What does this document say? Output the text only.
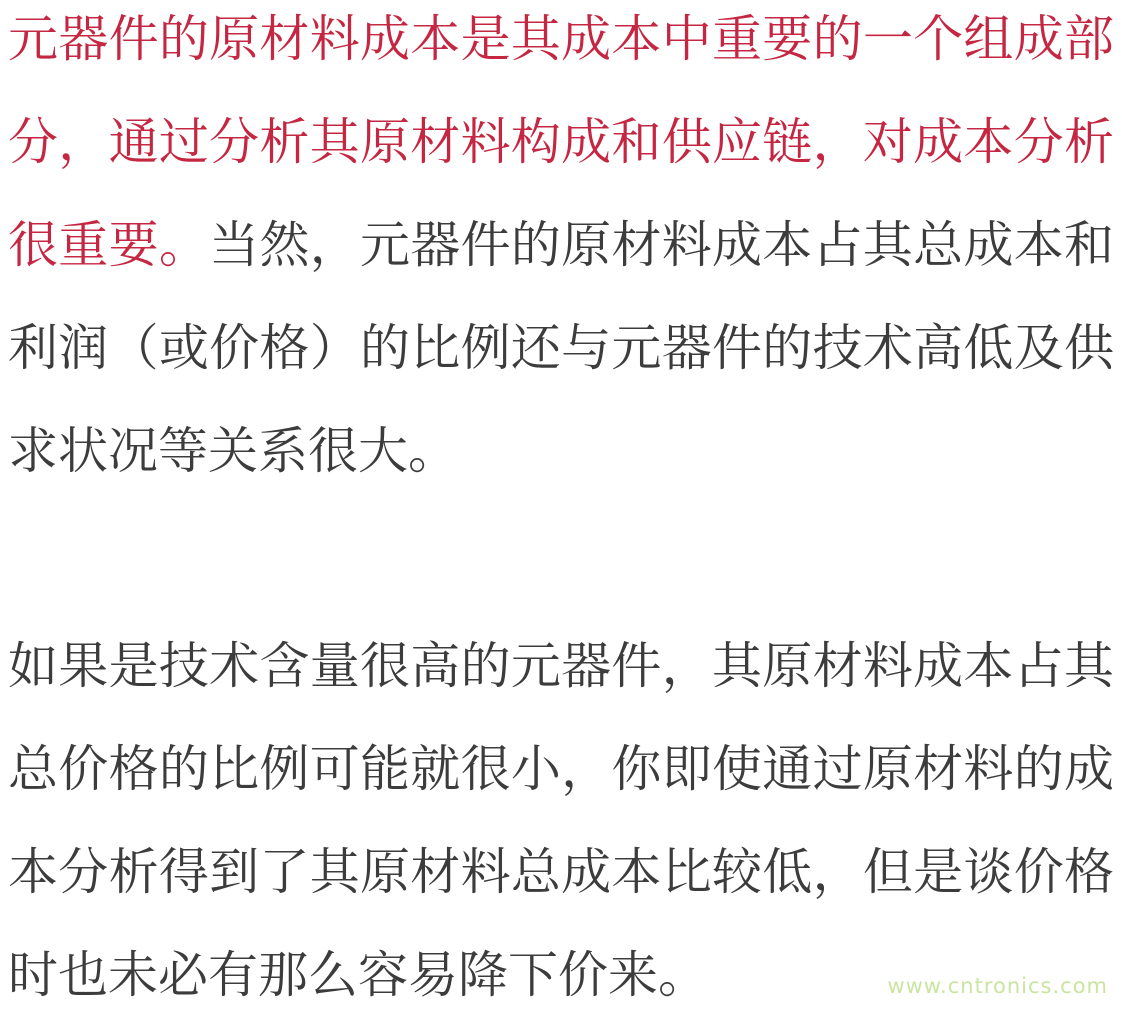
元器件的原材料成本是其成本中重要的一个组成部分，通过分析其原材料构成和供应链，对成本分析很重要。当然，元器件的原材料成本占其总成本和利润（或价格）的比例还与元器件的技术高低及供求状况等关系很大。

如果是技术含量很高的元器件，其原材料成本占其总价格的比例可能就很小，你即使通过原材料的成本分析得到了其原材料总成本比较低，但是谈价格时也未必有那么容易降下价来。	www.cntronics.com
